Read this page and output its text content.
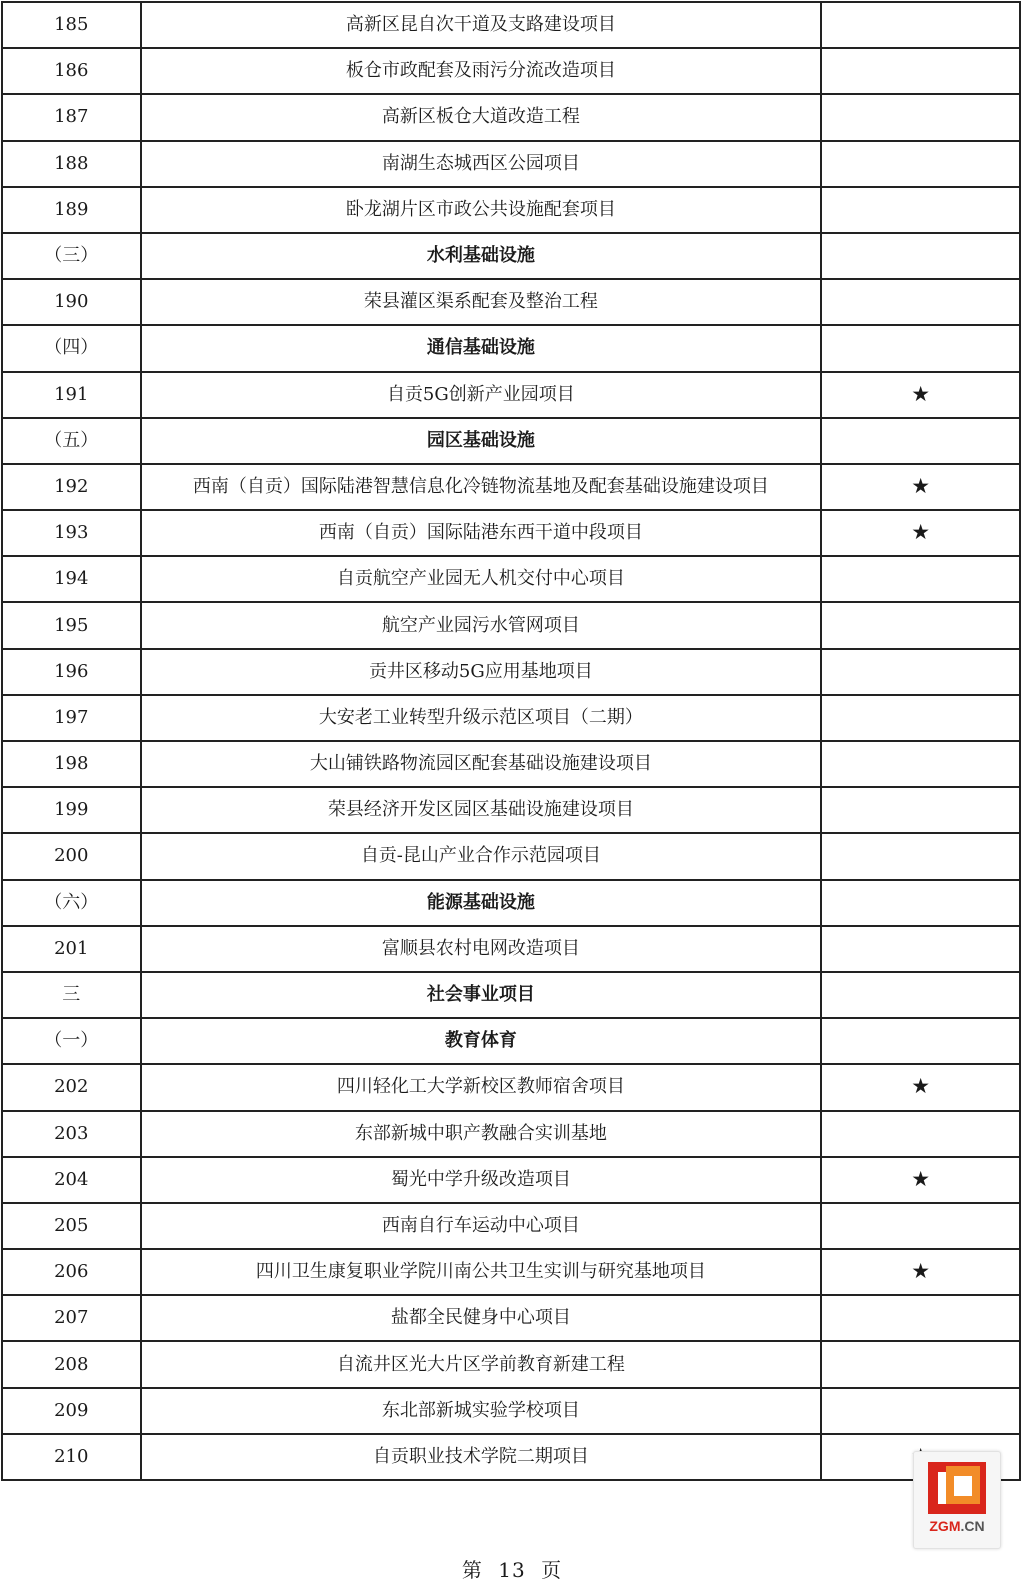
185	高新区昆自次干道及支路建设项目	
186	板仓市政配套及雨污分流改造项目	
187	高新区板仓大道改造工程	
188	南湖生态城西区公园项目	
189	卧龙湖片区市政公共设施配套项目	
（三）	水利基础设施	
190	荣县灌区渠系配套及整治工程	
（四）	通信基础设施	
191	自贡5G创新产业园项目	★
（五）	园区基础设施	
192	西南（自贡）国际陆港智慧信息化冷链物流基地及配套基础设施建设项目	★
193	西南（自贡）国际陆港东西干道中段项目	★
194	自贡航空产业园无人机交付中心项目	
195	航空产业园污水管网项目	
196	贡井区移动5G应用基地项目	
197	大安老工业转型升级示范区项目（二期）	
198	大山铺铁路物流园区配套基础设施建设项目	
199	荣县经济开发区园区基础设施建设项目	
200	自贡-昆山产业合作示范园项目	
（六）	能源基础设施	
201	富顺县农村电网改造项目	
三	社会事业项目	
（一）	教育体育	
202	四川轻化工大学新校区教师宿舍项目	★
203	东部新城中职产教融合实训基地	
204	蜀光中学升级改造项目	★
205	西南自行车运动中心项目	
206	四川卫生康复职业学院川南公共卫生实训与研究基地项目	★
207	盐都全民健身中心项目	
208	自流井区光大片区学前教育新建工程	
209	东北部新城实验学校项目	
210	自贡职业技术学院二期项目	
第 13 页
ZGM.CN
